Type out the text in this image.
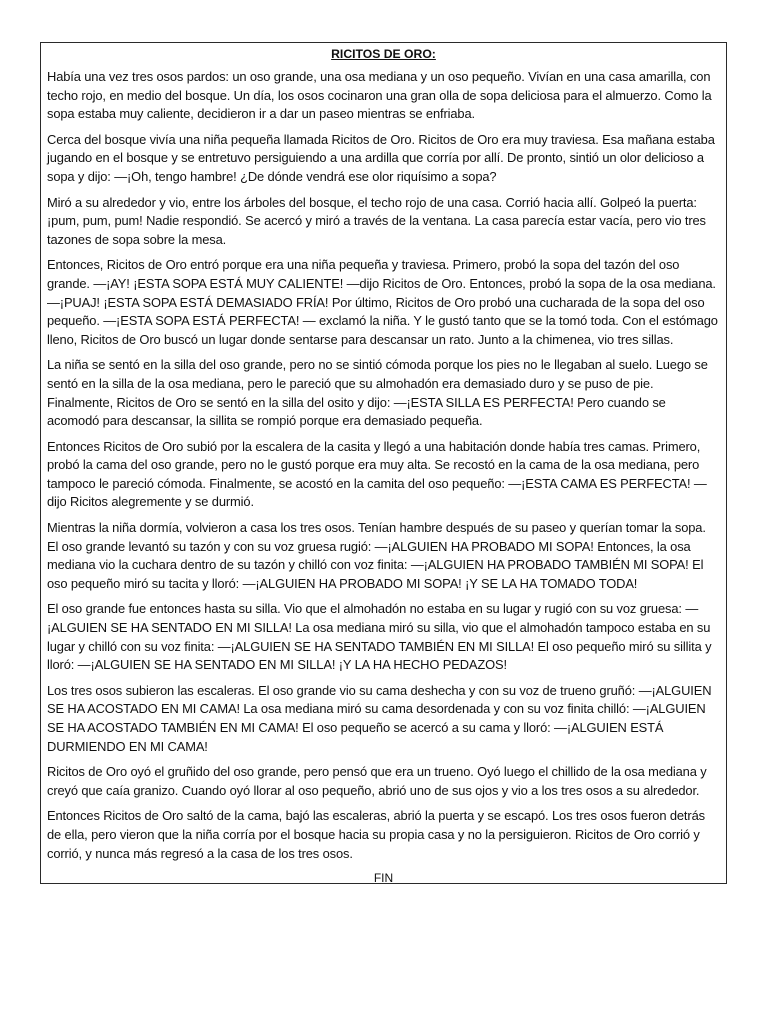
RICITOS DE ORO:

Había una vez tres osos pardos: un oso grande, una osa mediana y un oso pequeño. Vivían en una casa amarilla, con techo rojo, en medio del bosque. Un día, los osos cocinaron una gran olla de sopa deliciosa para el almuerzo. Como la sopa estaba muy caliente, decidieron ir a dar un paseo mientras se enfriaba.

Cerca del bosque vivía una niña pequeña llamada Ricitos de Oro. Ricitos de Oro era muy traviesa. Esa mañana estaba jugando en el bosque y se entretuvo persiguiendo a una ardilla que corría por allí. De pronto, sintió un olor delicioso a sopa y dijo: —¡Oh, tengo hambre! ¿De dónde vendrá ese olor riquísimo a sopa?

Miró a su alrededor y vio, entre los árboles del bosque, el techo rojo de una casa. Corrió hacia allí. Golpeó la puerta: ¡pum, pum, pum! Nadie respondió. Se acercó y miró a través de la ventana. La casa parecía estar vacía, pero vio tres tazones de sopa sobre la mesa.

Entonces, Ricitos de Oro entró porque era una niña pequeña y traviesa. Primero, probó la sopa del tazón del oso grande. —¡AY! ¡ESTA SOPA ESTÁ MUY CALIENTE! —dijo Ricitos de Oro. Entonces, probó la sopa de la osa mediana. —¡PUAJ! ¡ESTA SOPA ESTÁ DEMASIADO FRÍA! Por último, Ricitos de Oro probó una cucharada de la sopa del oso pequeño. —¡ESTA SOPA ESTÁ PERFECTA! — exclamó la niña. Y le gustó tanto que se la tomó toda. Con el estómago lleno, Ricitos de Oro buscó un lugar donde sentarse para descansar un rato. Junto a la chimenea, vio tres sillas.

La niña se sentó en la silla del oso grande, pero no se sintió cómoda porque los pies no le llegaban al suelo. Luego se sentó en la silla de la osa mediana, pero le pareció que su almohadón era demasiado duro y se puso de pie. Finalmente, Ricitos de Oro se sentó en la silla del osito y dijo: —¡ESTA SILLA ES PERFECTA! Pero cuando se acomodó para descansar, la sillita se rompió porque era demasiado pequeña.

Entonces Ricitos de Oro subió por la escalera de la casita y llegó a una habitación donde había tres camas. Primero, probó la cama del oso grande, pero no le gustó porque era muy alta. Se recostó en la cama de la osa mediana, pero tampoco le pareció cómoda. Finalmente, se acostó en la camita del oso pequeño: —¡ESTA CAMA ES PERFECTA! —dijo Ricitos alegremente y se durmió.

Mientras la niña dormía, volvieron a casa los tres osos. Tenían hambre después de su paseo y querían tomar la sopa. El oso grande levantó su tazón y con su voz gruesa rugió: —¡ALGUIEN HA PROBADO MI SOPA! Entonces, la osa mediana vio la cuchara dentro de su tazón y chilló con voz finita: —¡ALGUIEN HA PROBADO TAMBIÉN MI SOPA! El oso pequeño miró su tacita y lloró: —¡ALGUIEN HA PROBADO MI SOPA! ¡Y SE LA HA TOMADO TODA!

El oso grande fue entonces hasta su silla. Vio que el almohadón no estaba en su lugar y rugió con su voz gruesa: —¡ALGUIEN SE HA SENTADO EN MI SILLA! La osa mediana miró su silla, vio que el almohadón tampoco estaba en su lugar y chilló con su voz finita: —¡ALGUIEN SE HA SENTADO TAMBIÉN EN MI SILLA! El oso pequeño miró su sillita y lloró: —¡ALGUIEN SE HA SENTADO EN MI SILLA! ¡Y LA HA HECHO PEDAZOS!

Los tres osos subieron las escaleras. El oso grande vio su cama deshecha y con su voz de trueno gruñó: —¡ALGUIEN SE HA ACOSTADO EN MI CAMA! La osa mediana miró su cama desordenada y con su voz finita chilló: —¡ALGUIEN SE HA ACOSTADO TAMBIÉN EN MI CAMA! El oso pequeño se acercó a su cama y lloró: —¡ALGUIEN ESTÁ DURMIENDO EN MI CAMA!

Ricitos de Oro oyó el gruñido del oso grande, pero pensó que era un trueno. Oyó luego el chillido de la osa mediana y creyó que caía granizo. Cuando oyó llorar al oso pequeño, abrió uno de sus ojos y vio a los tres osos a su alrededor.

Entonces Ricitos de Oro saltó de la cama, bajó las escaleras, abrió la puerta y se escapó. Los tres osos fueron detrás de ella, pero vieron que la niña corría por el bosque hacia su propia casa y no la persiguieron. Ricitos de Oro corrió y corrió, y nunca más regresó a la casa de los tres osos.

FIN
